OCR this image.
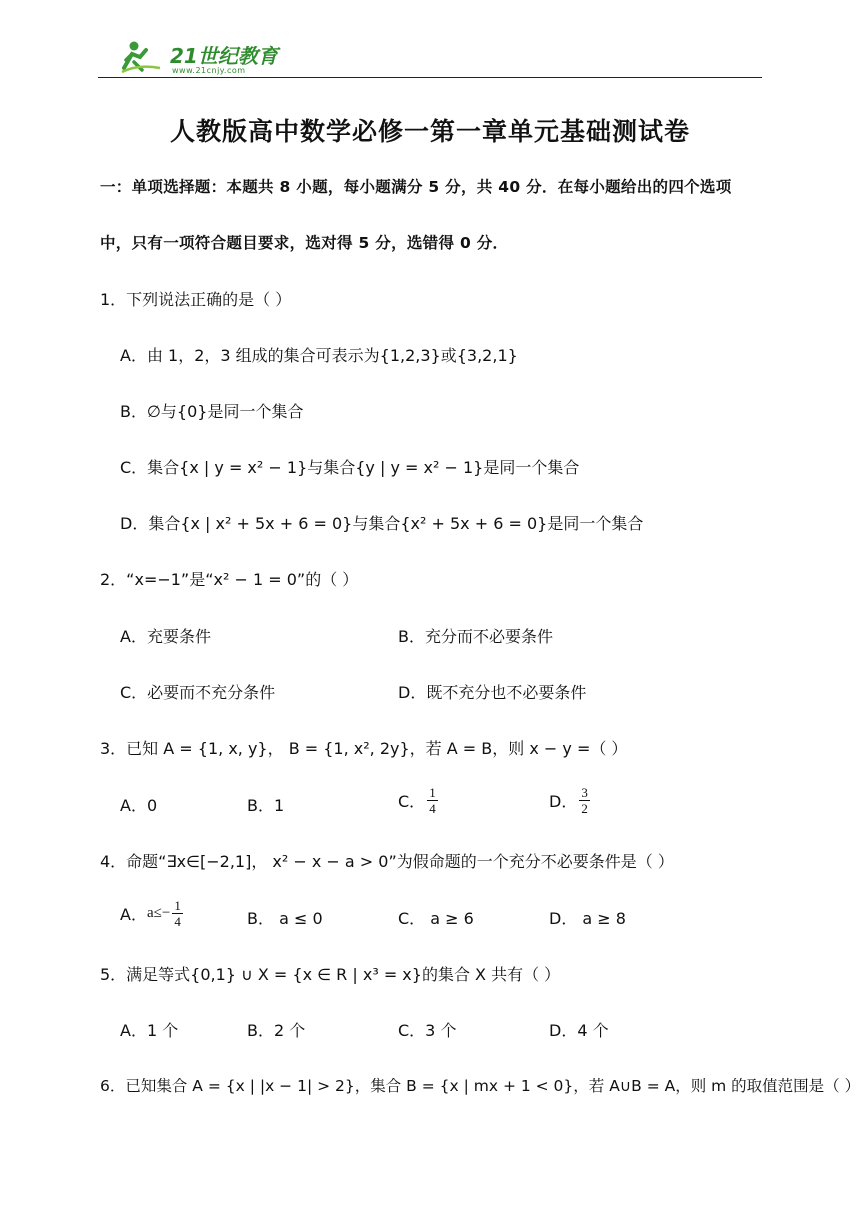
21世纪教育
www.21cnjy.com
人教版高中数学必修一第一章单元基础测试卷
一：单项选择题：本题共 8 小题，每小题满分 5 分，共 40 分．在每小题给出的四个选项
中，只有一项符合题目要求，选对得 5 分，选错得 0 分．
1．下列说法正确的是（ ）
A．由 1，2，3 组成的集合可表示为{1,2,3}或{3,2,1}
B．∅与{0}是同一个集合
C．集合{x | y = x² − 1}与集合{y | y = x² − 1}是同一个集合
D．集合{x | x² + 5x + 6 = 0}与集合{x² + 5x + 6 = 0}是同一个集合
2．“x=−1”是“x² − 1 = 0”的（ ）
A．充要条件	B．充分而不必要条件
C．必要而不充分条件	D．既不充分也不必要条件
3．已知 A = {1, x, y}， B = {1, x², 2y}，若 A = B，则 x − y =（ ）
A．0	B．1	C． $\frac{1}{4}$	D． $\frac{3}{2}$
4．命题“∃x∈[−2,1]， x² − x − a > 0”为假命题的一个充分不必要条件是（ ）
A． $a\le- \frac{1}{4}$	B． a ≤ 0	C． a ≥ 6	D． a ≥ 8
5．满足等式{0,1} ∪ X = {x ∈ R | x³ = x}的集合 X 共有（ ）
A．1 个	B．2 个	C．3 个	D．4 个
6．已知集合 A = {x | |x − 1| > 2}，集合 B = {x | mx + 1 < 0}，若 A∪B = A，则 m 的取值范围是（ ）
